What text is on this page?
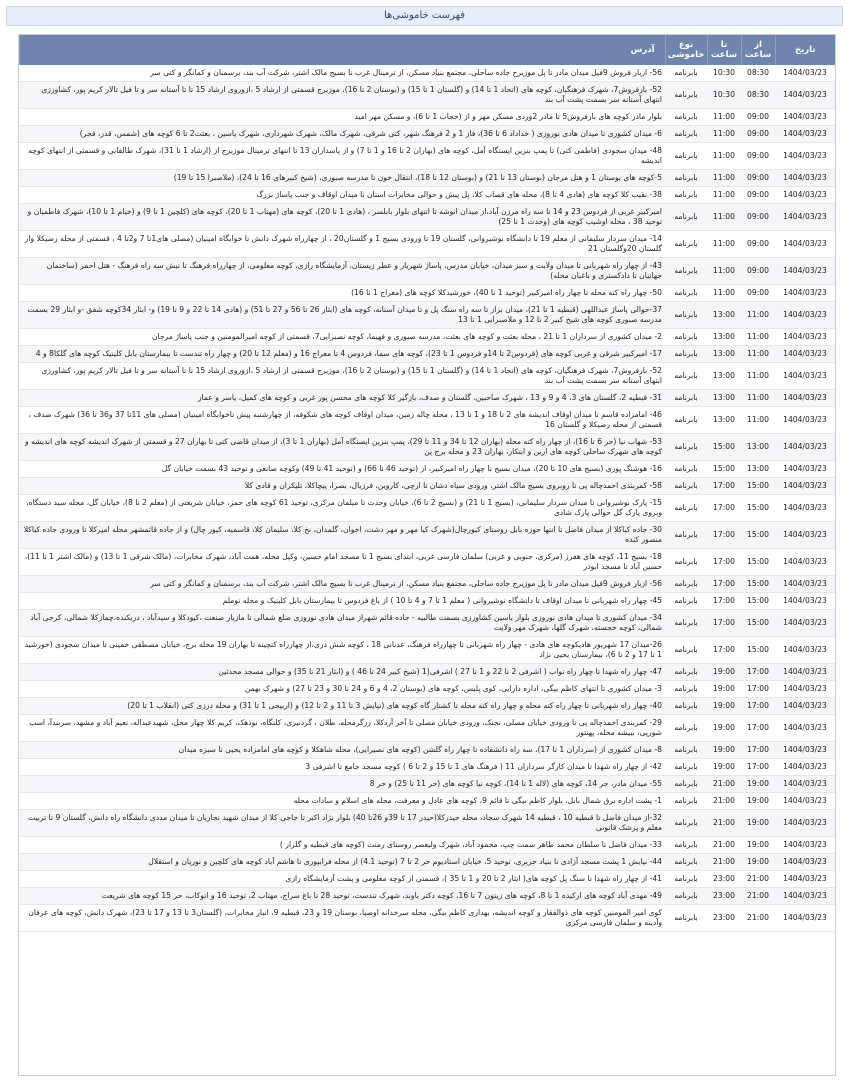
فهرست خاموشی‌ها
تاریخ	از ساعت	تا ساعت	نوع خاموشی	آدرس
1404/03/23	08:30	10:30	بابرنامه	56- ازبار فروش 9فیل میدان مادر تا پل موزیرج جاده ساحلی، مجتمع بنیاد مسکن، از ترمینال غرب تا بسیج مالک اشتر، شرکت آب بند، برسمنان و کمانگر و کتی سر
1404/03/23	08:30	10:30	بابرنامه	52- بارفروش7، شهرک فرهنگیان، کوچه های (اتحاد 1 تا 14) و (گلستان 1 تا 15) و (بوستان 2 تا 16)، موزیرج قسمتی از ارشاد 5 ،ازوروی ارشاد 15 تا تا آستانه سر و تا فیل تالار کریم پور، کشاورزی انتهای آستانه سر بسمت پشت آب بند
1404/03/23	09:00	11:00	بابرنامه	بلوار مادر کوچه های بارفروش5 تا مادر 2وردی مسکن مهر و از (حجاب 1 تا 6)، و مسکن مهر امید
1404/03/23	09:00	11:00	بابرنامه	6- میدان کشوری تا میدان هادی نوروزی ( خداداد 6 تا 36)، فاز 1 و 2 فرهنگ شهر، کتی شرقی، شهرک مالک، شهرک شهرداری، شهرک یاسین ، بعثت2 تا 6 کوچه های (شمس، قدر، فجر)
1404/03/23	09:00	11:00	بابرنامه	48- میدان سجودی (فاطمی کتی) تا پمپ بنزین ایستگاه آمل، کوچه های (بهاران 2 تا 16 و 1 تا 7) و از پاسداران 13 تا انتهای ترمینال موزیرج از (ارشاد 1 تا 31)، شهرک طالقانی و قسمتی از انتهای کوچه اندیشه
1404/03/23	09:00	11:00	بابرنامه	5-کوچه های بوستان 1 و هتل مرجان (بوستان 13 تا 21) و (بوستان 12 تا 18)، انتقال خون تا مدرسه صبوری، (شیخ کبیرهای 16 تا 24)، (ملاصبرا 15 تا 19)
1404/03/23	09:00	11:00	بابرنامه	38- نقیب کلا کوچه های (هادی 4 تا 8)، محله های قصاب کلا، پل پیش و حوالی مخابرات استان تا میدان اوقاف و جنب پاساژ بزرگ
1404/03/23	09:00	11:00	بابرنامه	امیرکبیر غربی از فردوس 23 و 14 تا سه راه مرزن آباد،از میدان انوشه تا انتهای بلوار بابلسر ، (هادی 1 تا 20)، کوچه های (مهتاب 1 تا 20)، کوچه های (کلچین 1 تا 9) و (خیام 1 تا 10)، شهرک فاطمیان و توحید 38 ، محله اوشیب کوچه های (وحدت 1 تا 25)
1404/03/23	09:00	11:00	بابرنامه	14- میدان سردار سلیمانی از معلم 19 تا دانشگاه نوشیروانی، گلستان 19 تا ورودی بسیج 1 و گلستان20 ، از چهارراه شهرک دانش تا خوابگاه امینیان (مصلی های1تا 7 و2تا 4 ، قسمتی از محله رضیکلا وار گلستان 20وگلستان 21
1404/03/23	09:00	11:00	بابرنامه	43- از چهار راه شهربانی تا میدان ولایت و سبز میدان، خیابان مدرس، پاساژ شهریار و عطر زیستان، آزمایشگاه رازی، کوچه معلومی، از چهارراه فرهنگ تا نبش سه راه فرهنگ - هتل احمر (ساختمان جهانیان تا دادکستری و باغبان محله)
1404/03/23	09:00	11:00	بابرنامه	50- چهار راه کته محله تا چهار راه امیرکبیر (توحید 1 تا 40)، خورشیدکلا کوچه های (معراج 1 تا 16)
1404/03/23	11:00	13:00	بابرنامه	37-حوالی پاساژ عبداللهی (قبطیه 1 تا 21)، میدان بزاز تا سه راه سنگ پل و تا میدان آستانه، کوچه های (ابثار 26 تا 56 و 27 تا 51) و (هادی 14 تا 22 و 9 تا 19) و- ابثار 34کوچه شفق -و ابثار 29 بسمت مدرسه صبوری کوچه های شیخ کبیر 2 تا 12 و ملاصبرایی 1 تا 13
1404/03/23	11:00	13:00	بابرنامه	2- میدان کشوری از سرداران 1 تا 21 ، محله بعثت و کوچه های بعثت، مدرسه صبوری و فهیما، کوچه نصیرایی7، قسمتی از کوچه امیرالمومنین و جنب پاساژ مرجان
1404/03/23	11:00	13:00	بابرنامه	17- امیرکبیر شرقی و غربی کوچه های (فردوس2 تا 14و فردوس 1 تا 23)، کوچه های سما، فردوس 4 تا معراج 16 و (معلم 12 تا 20) و چهار راه تندست تا بیمارستان بابل کلینیک کوچه های گلکا8 و 4
1404/03/23	11:00	13:00	بابرنامه	52- بارفروش7، شهرک فرهنگیان، کوچه های (اتحاد 1 تا 14) و (گلستان 1 تا 15) و (بوستان 2 تا 16)، موزیرج قسمتی از ارشاد 5 ،ازوروی ارشاد 15 تا تا آستانه سر و تا فیل تالار کریم پور، کشاورزی انتهای آستانه سر بسمت پشت آب بند
1404/03/23	11:00	13:00	بابرنامه	31- قبطیه 2، گلستان های 3، 4 و 9 و 13 ، شهرک صاحبین، گلستان و صدف، بازگیر کلا کوچه های محسن پور غربی و کوچه های کمیل، یاسر و عمار
1404/03/23	11:00	13:00	بابرنامه	46- امامزاده قاسم تا میدان اوقاف اندیشه های 2 تا 18 و 1 تا 13 ، محله چاله زمین، میدان اوقاف کوچه های شکوفه، از چهارشنبه پیش تاخوابگاه امینیان (مصلی های 11تا 37 و36 تا 36) شهرک صدف ، قسمتی از محله رضیکلا و گلستان 16
1404/03/23	13:00	15:00	بابرنامه	53- شهاب نیا (حر 6 تا 16)، از چهار راه کته محله (بهاران 12 تا 34 و 11 تا 29)، پمپ بنزین ایستگاه آمل (بهاران 1 تا 3)، از میدان قاضی کتی تا بهاران 27 و قسمتی از شهرک اندیشه کوچه های اندیشه و کوچه های شهرک ساحلی کوچه های ارین و ابتکار، بهاران 23 و محله برج پن
1404/03/23	13:00	15:00	بابرنامه	16- هوشنگ پوری (بسیج های 10 تا 20)، میدان بسیج تا چهار راه امیرکبیر، از (توحید 46 تا 66) و (توحید 41 تا 49) وکوچه صانعی و توحید 43 بسمت خیابان گل
1404/03/23	15:00	17:00	بابرنامه	58- کمربندی احمدچاله پی تا روبروی بسیج مالک اشتر، ورودی سیاه دشان تا ارچی، کاروین، فرزیال، بصرا، پیچاکلا، تلیکران و قادی کلا
1404/03/23	15:00	17:00	بابرنامه	15- پارک نوشیروانی تا میدان سردار سلیمانی، (بسیج 1 تا 21) و (بسیج 2 تا 6)، خیابان وحدت تا میلمان مرکزی، توحید 61 کوچه های حمز، خیابان شریعتی از (معلم 2 تا 8)، خیابان گل، محله سید دستگاه، وبروی پارک گل حوالی پارک شادی
1404/03/23	15:00	17:00	بابرنامه	30- جاده کیاکلا از میدان فاضل تا انتها حوزه بابل روستای کیورچال(شهرک کیا مهر و مهر دشت، اخوان، گلمدان، نخ کلا، سلیمان کلا، قاسمیه، کیور چال) و از جاده قائمشهر محله امیرکلا تا ورودی جاده کیاکلا منصور کنده
1404/03/23	15:00	17:00	بابرنامه	18- بسیج 11، کوچه های هفرز (مرکزی، جنوبی و غربی) سلمان فارسی غربی، ابتدای بسیج 1 تا مسجد امام حسین، وکیل محله، همت آباد، شهرک مخابرات، (مالک شرقی 1 تا 13) و (مالک اشتر 1 تا 11)، حسین آباد تا مسجد ابوذر
1404/03/23	15:00	17:00	بابرنامه	56- ازبار فروش 9فیل میدان مادر تا پل موزیرج جاده ساحلی، مجتمع بنیاد مسکن، از ترمینال غرب تا بسیج مالک اشتر، شرکت آب بند، برسمنان و کمانگر و کتی سر
1404/03/23	15:00	17:00	بابرنامه	45- چهار راه شهربانی تا میدان اوقاف تا دانشگاه نوشیروانی ( معلم 1 تا 7 و 4 تا 10 ) از باغ فردوس تا بیمارستان بابل کلینیک و محله نوملم
1404/03/23	15:00	17:00	بابرنامه	34- میدان کشوری تا میدان هادی نوروزی بلوار یاسین کشاورزی بسمت طالبیه - جاده قائم شهراز میدان هادی نوروزی ضلع شمالی تا مازیار صنعت ،کیودکلا و سیدآباد ، دریکنده،چمازکلا شمالی، کرجی آباد شمالی، کوچه خجسته، شهرک گلها، شهرک مهر ولایت
1404/03/23	15:00	17:00	بابرنامه	26-میدان 17 شهریور هادیکوچه های هادی - چهار راه شهربانی تا چهارراه فرهنگ، عدنانی 18 ، کوچه شش دری،از چهارراه کتچینه تا بهاران 19 محله برج، خیابان مصطفی خمینی تا میدان سجودی (خورشید 1 تا 17 و 2 تا 6)، بیمارستان یحیی نژاد
1404/03/23	17:00	19:00	بابرنامه	47- چهار راه شهدا تا چهار راه نواب ( اشرفی 2 تا 22 و 1 تا 27 ) اشرفی(1 (شیخ کبیر 24 تا 46 ) و (ابثار 21 تا 35) و حوالی مسجد محدثین
1404/03/23	17:00	19:00	بابرنامه	3- میدان کشوری تا انتهای کاظم بیگی، اداره دارایی، کوی پلیس، کوچه های (بوستان 2، 4 و 6 و 24 تا 30 و 23 تا 27) و شهرک بهمن
1404/03/23	17:00	19:00	بابرنامه	40- چهار راه شهربانی تا چهار راه کته محله و چهار راه کته محله تا کشتار گاه کوچه های (نیایش 3 تا 11 و 2 تا 12) و (اربیجی 1 تا 31) و محله درزی کتی (انقلاب 1 تا 20)
1404/03/23	17:00	19:00	بابرنامه	29- کمربندی احمدچاله پی تا ورودی خیابان مصلی، نجنک، ورودی خیابان مصلی تا آخر آردکلا، زرگرمحله، طلان ، گردنیری، کلنگاه، نوذهک، کریم کلا چهار محل، شهیدعبداله، نعیم آباد و مشهد، سربندآ، اسب شورپی، ببیشه محله، پهنتور
1404/03/23	17:00	19:00	بابرنامه	8- میدان کشوری از (سرداران 1 تا 17)، سه راه دانشفاده تا چهار راه گلشن (کوچه های نصیرایی)، محله شاهکلا و کوچه های امامزاده یحیی تا سبزه میدان
1404/03/23	17:00	19:00	بابرنامه	42- از چهار راه شهدا تا میدان کارگر سرداران 11 ( فرهنگ های 1 تا 15 و 2 تا 6 ) کوچه مسجد جامع تا اشرفی 3
1404/03/23	19:00	21:00	بابرنامه	55- میدان مادر، حر 14، کوچه های (لاله 1 تا 14)، کوچه نیا کوچه های (حر 11 تا 25) و حر 8
1404/03/23	19:00	21:00	بابرنامه	1- پشت اداره برق شمال بابل، بلوار کاظم بیگی تا قائم 9، کوچه های عادل و معرفت، محله های اسلام و سادات محله
1404/03/23	19:00	21:00	بابرنامه	32-از میدان فاضل تا قبطیه 10 ، قبطیه 14 شهرک سجاد، محله حیدرکلا(حیدر 17 تا 39و 26تا 40) بلوار نژاد اکبر تا حاجی کلا از میدان شهید نجاریان تا میدان مددی دانشگاه راه دانش، گلستان 9 تا تربیت معلم و پزشک قانونی
1404/03/23	19:00	21:00	بابرنامه	33- میدان فاضل تا سلطان محمد طاهر سمت چپ، محمود آباد، شهرک ولیعصر روستای رمنت (کوچه های قبطیه و گلزار )
1404/03/23	19:00	21:00	بابرنامه	44- نیایش 1 پشت مسجد آزادی تا بنیاد حریری، توحید 5، خیابان استادیوم حر 2 تا 7 (توحید 4.1) از محله فرابیوری تا هاشم آباد کوچه های کلچین و نوریان و استقلال
1404/03/23	21:00	23:00	بابرنامه	41- از چهار راه شهدا تا سنگ پل کوچه های( ابثار 2 تا 20 و 1 تا 35 )، قسمتی از کوچه معلومی و پشت آزمایشگاه رازی
1404/03/23	21:00	23:00	بابرنامه	49- مهدی آباد کوچه های ارکیده 1 تا 8، کوچه های زیتون 7 تا 16، کوچه دکتر باوند، شهرک تندست، توحید 28 تا باغ سراج، مهتاب 2، توحید 16 و اتوکاب، حر 15 کوچه های شریعت
1404/03/23	21:00	23:00	بابرنامه	کوی امیر المومنین کوچه های ذوالفقار و کوچه اندیشه، بهداری کاظم بیگی، محله سرخدانه اوصیا، بوستان 19 و 23، قبطیه 9، انبار مخابرات، (گلستان3 تا 13 و 17 تا 23)، شهرک دانش، کوچه های عرفان وآدینه و سلمان فارسی مرکزی
